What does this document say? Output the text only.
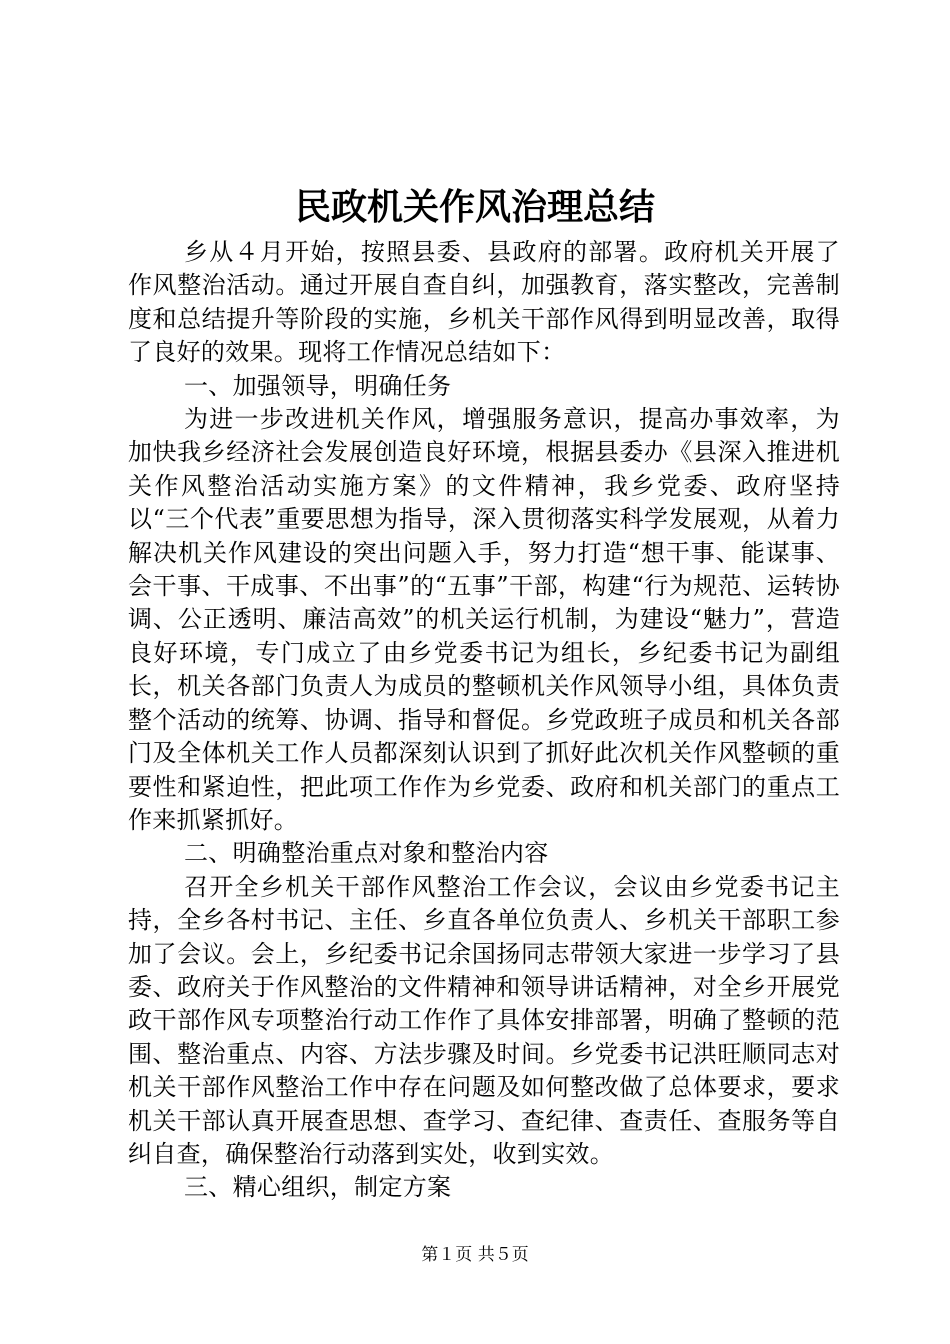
民政机关作风治理总结

乡从４月开始，按照县委、县政府的部署。政府机关开展了作风整治活动。通过开展自查自纠，加强教育，落实整改，完善制度和总结提升等阶段的实施，乡机关干部作风得到明显改善，取得了良好的效果。现将工作情况总结如下：

一、加强领导，明确任务

为进一步改进机关作风，增强服务意识，提高办事效率，为加快我乡经济社会发展创造良好环境，根据县委办《县深入推进机关作风整治活动实施方案》的文件精神，我乡党委、政府坚持以“三个代表”重要思想为指导，深入贯彻落实科学发展观，从着力解决机关作风建设的突出问题入手，努力打造“想干事、能谋事、会干事、干成事、不出事”的“五事”干部，构建“行为规范、运转协调、公正透明、廉洁高效”的机关运行机制，为建设“魅力”，营造良好环境，专门成立了由乡党委书记为组长，乡纪委书记为副组长，机关各部门负责人为成员的整顿机关作风领导小组，具体负责整个活动的统筹、协调、指导和督促。乡党政班子成员和机关各部门及全体机关工作人员都深刻认识到了抓好此次机关作风整顿的重要性和紧迫性，把此项工作作为乡党委、政府和机关部门的重点工作来抓紧抓好。

二、明确整治重点对象和整治内容

召开全乡机关干部作风整治工作会议，会议由乡党委书记主持，全乡各村书记、主任、乡直各单位负责人、乡机关干部职工参加了会议。会上，乡纪委书记余国扬同志带领大家进一步学习了县委、政府关于作风整治的文件精神和领导讲话精神，对全乡开展党政干部作风专项整治行动工作作了具体安排部署，明确了整顿的范围、整治重点、内容、方法步骤及时间。乡党委书记洪旺顺同志对机关干部作风整治工作中存在问题及如何整改做了总体要求，要求机关干部认真开展查思想、查学习、查纪律、查责任、查服务等自纠自查，确保整治行动落到实处，收到实效。

三、精心组织，制定方案

第１页 共５页
